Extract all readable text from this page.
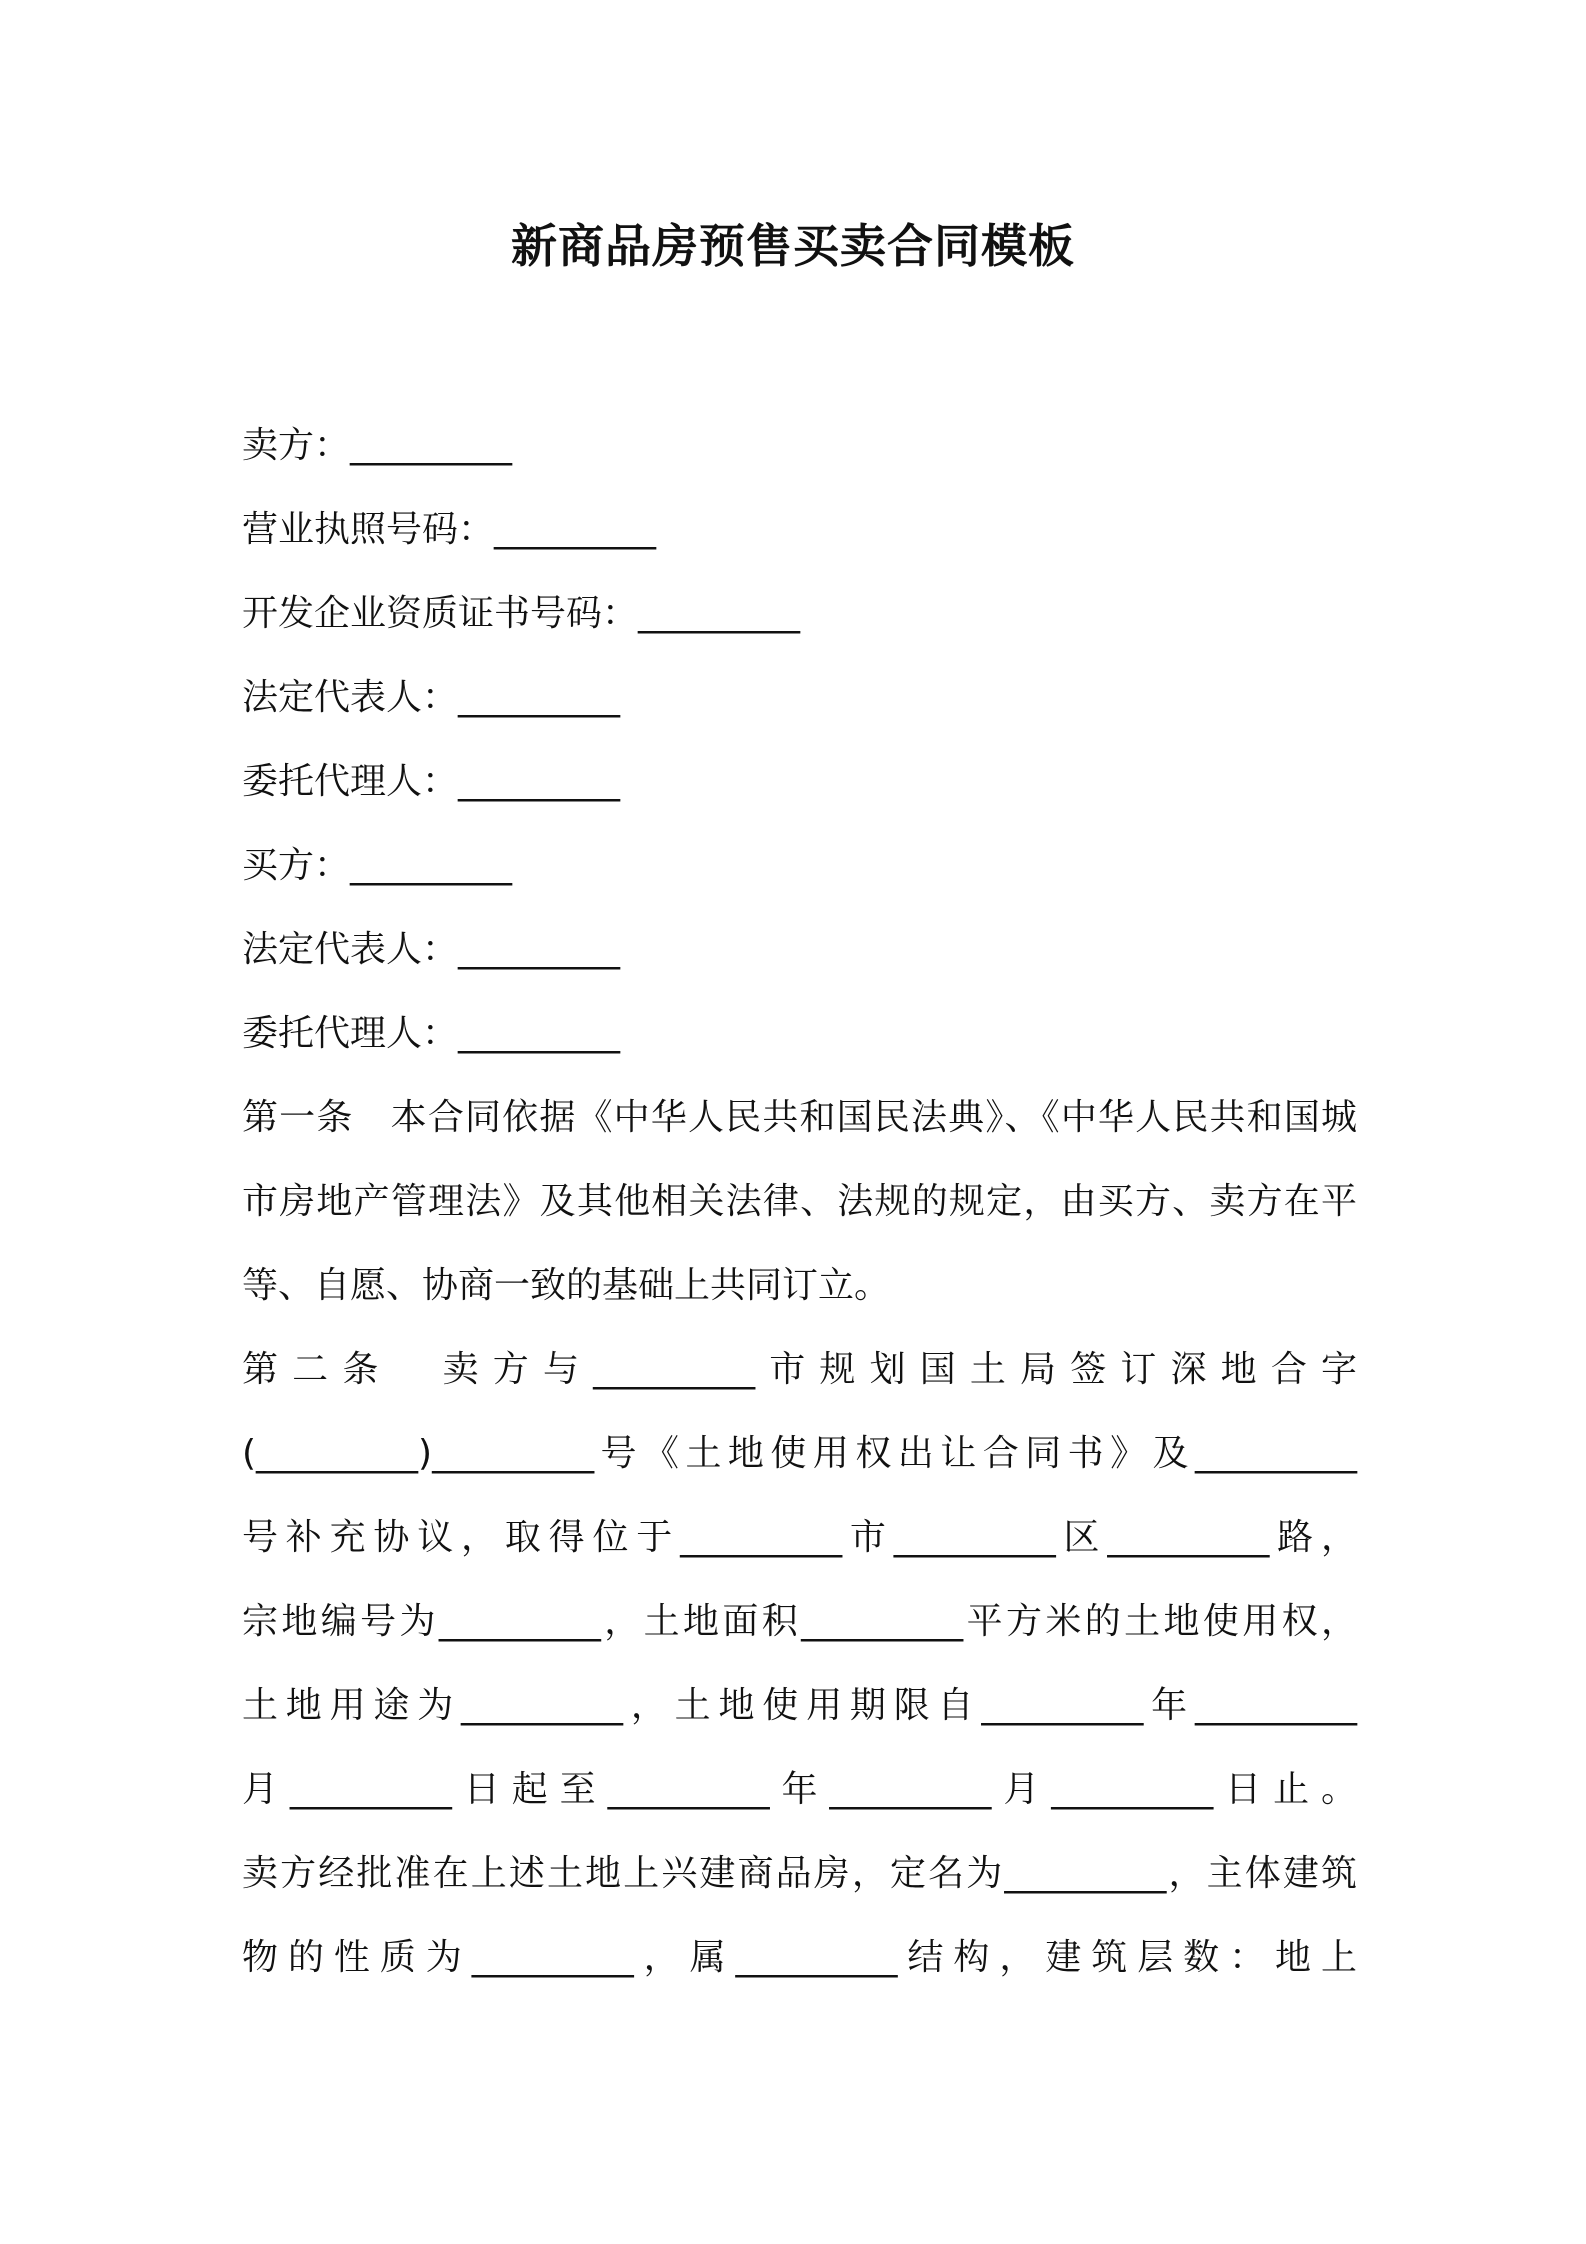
新商品房预售买卖合同模板
卖方：_________
营业执照号码：_________
开发企业资质证书号码：_________
法定代表人：_________
委托代理人：_________
买方：_________
法定代表人：_________
委托代理人：_________
第一条　本合同依据《中华人民共和国民法典》、《中华人民共和国城
市房地产管理法》及其他相关法律、法规的规定，由买方、卖方在平
等、自愿、协商一致的基础上共同订立。
第二条　卖方与_________市规划国土局签订深地合字
(_________)_________号《土地使用权出让合同书》及_________
号补充协议，取得位于_________市_________区_________路，
宗地编号为_________，土地面积_________平方米的土地使用权，
土地用途为_________，土地使用期限自_________年_________
月_________日起至_________年_________月_________日止。
卖方经批准在上述土地上兴建商品房，定名为_________，主体建筑
物的性质为_________，属_________结构，建筑层数：地上
